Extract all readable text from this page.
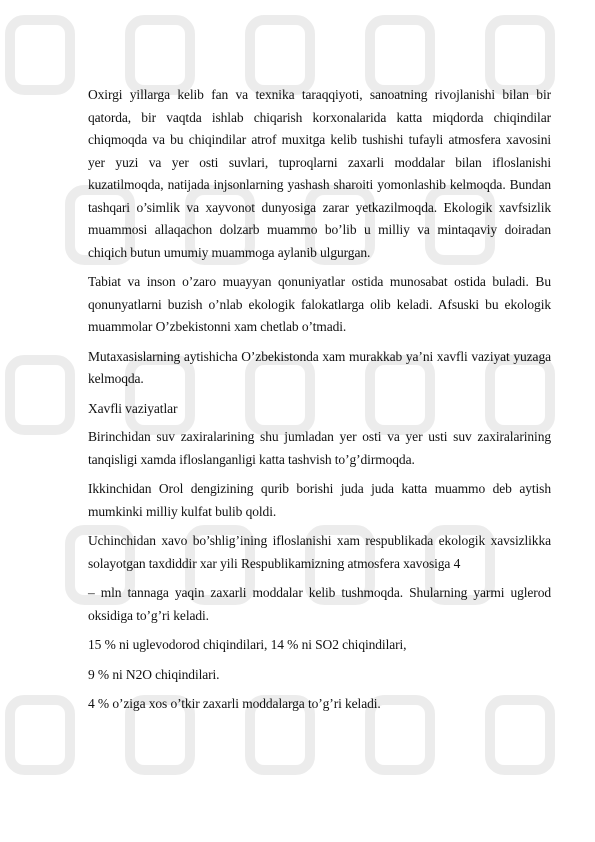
Oxirgi yillarga kelib fan va texnika taraqqiyoti, sanoatning rivojlanishi bilan bir qatorda, bir vaqtda ishlab chiqarish korxonalarida katta miqdorda chiqindilar chiqmoqda va bu chiqindilar atrof muxitga kelib tushishi tufayli atmosfera xavosini yer yuzi va yer osti suvlari, tuproqlarni zaxarli moddalar bilan ifloslanishi kuzatilmoqda, natijada injsonlarning yashash sharoiti yomonlashib kelmoqda. Bundan tashqari o’simlik va xayvonot dunyosiga zarar yetkazilmoqda. Ekologik xavfsizlik muammosi allaqachon dolzarb muammo bo’lib u milliy va mintaqaviy doiradan chiqich butun umumiy muammoga aylanib ulgurgan.

Tabiat va inson o’zaro muayyan qonuniyatlar ostida munosabat ostida buladi. Bu qonunyatlarni buzish o’nlab ekologik falokatlarga olib keladi. Afsuski bu ekologik muammolar O’zbekistonni xam chetlab o’tmadi.

Mutaxasislarning aytishicha O’zbekistonda xam murakkab ya’ni xavfli vaziyat yuzaga kelmoqda.

Xavfli vaziyatlar

Birinchidan suv zaxiralarining shu jumladan yer osti va yer usti suv zaxiralarining tanqisligi xamda ifloslanganligi katta tashvish to’g’dirmoqda.

Ikkinchidan Orol dengizining qurib borishi juda juda katta muammo deb aytish mumkinki milliy kulfat bulib qoldi.

Uchinchidan xavo bo’shlig’ining ifloslanishi xam respublikada ekologik xavsizlikka solayotgan taxdiddir xar yili Respublikamizning atmosfera xavosiga 4

– mln tannaga yaqin zaxarli moddalar kelib tushmoqda. Shularning yarmi uglerod oksidiga to’g’ri keladi.

15 % ni uglevodorod chiqindilari, 14 % ni SO2 chiqindilari,

9 % ni N2O chiqindilari.

4 % o’ziga xos o’tkir zaxarli moddalarga to’g’ri keladi.
